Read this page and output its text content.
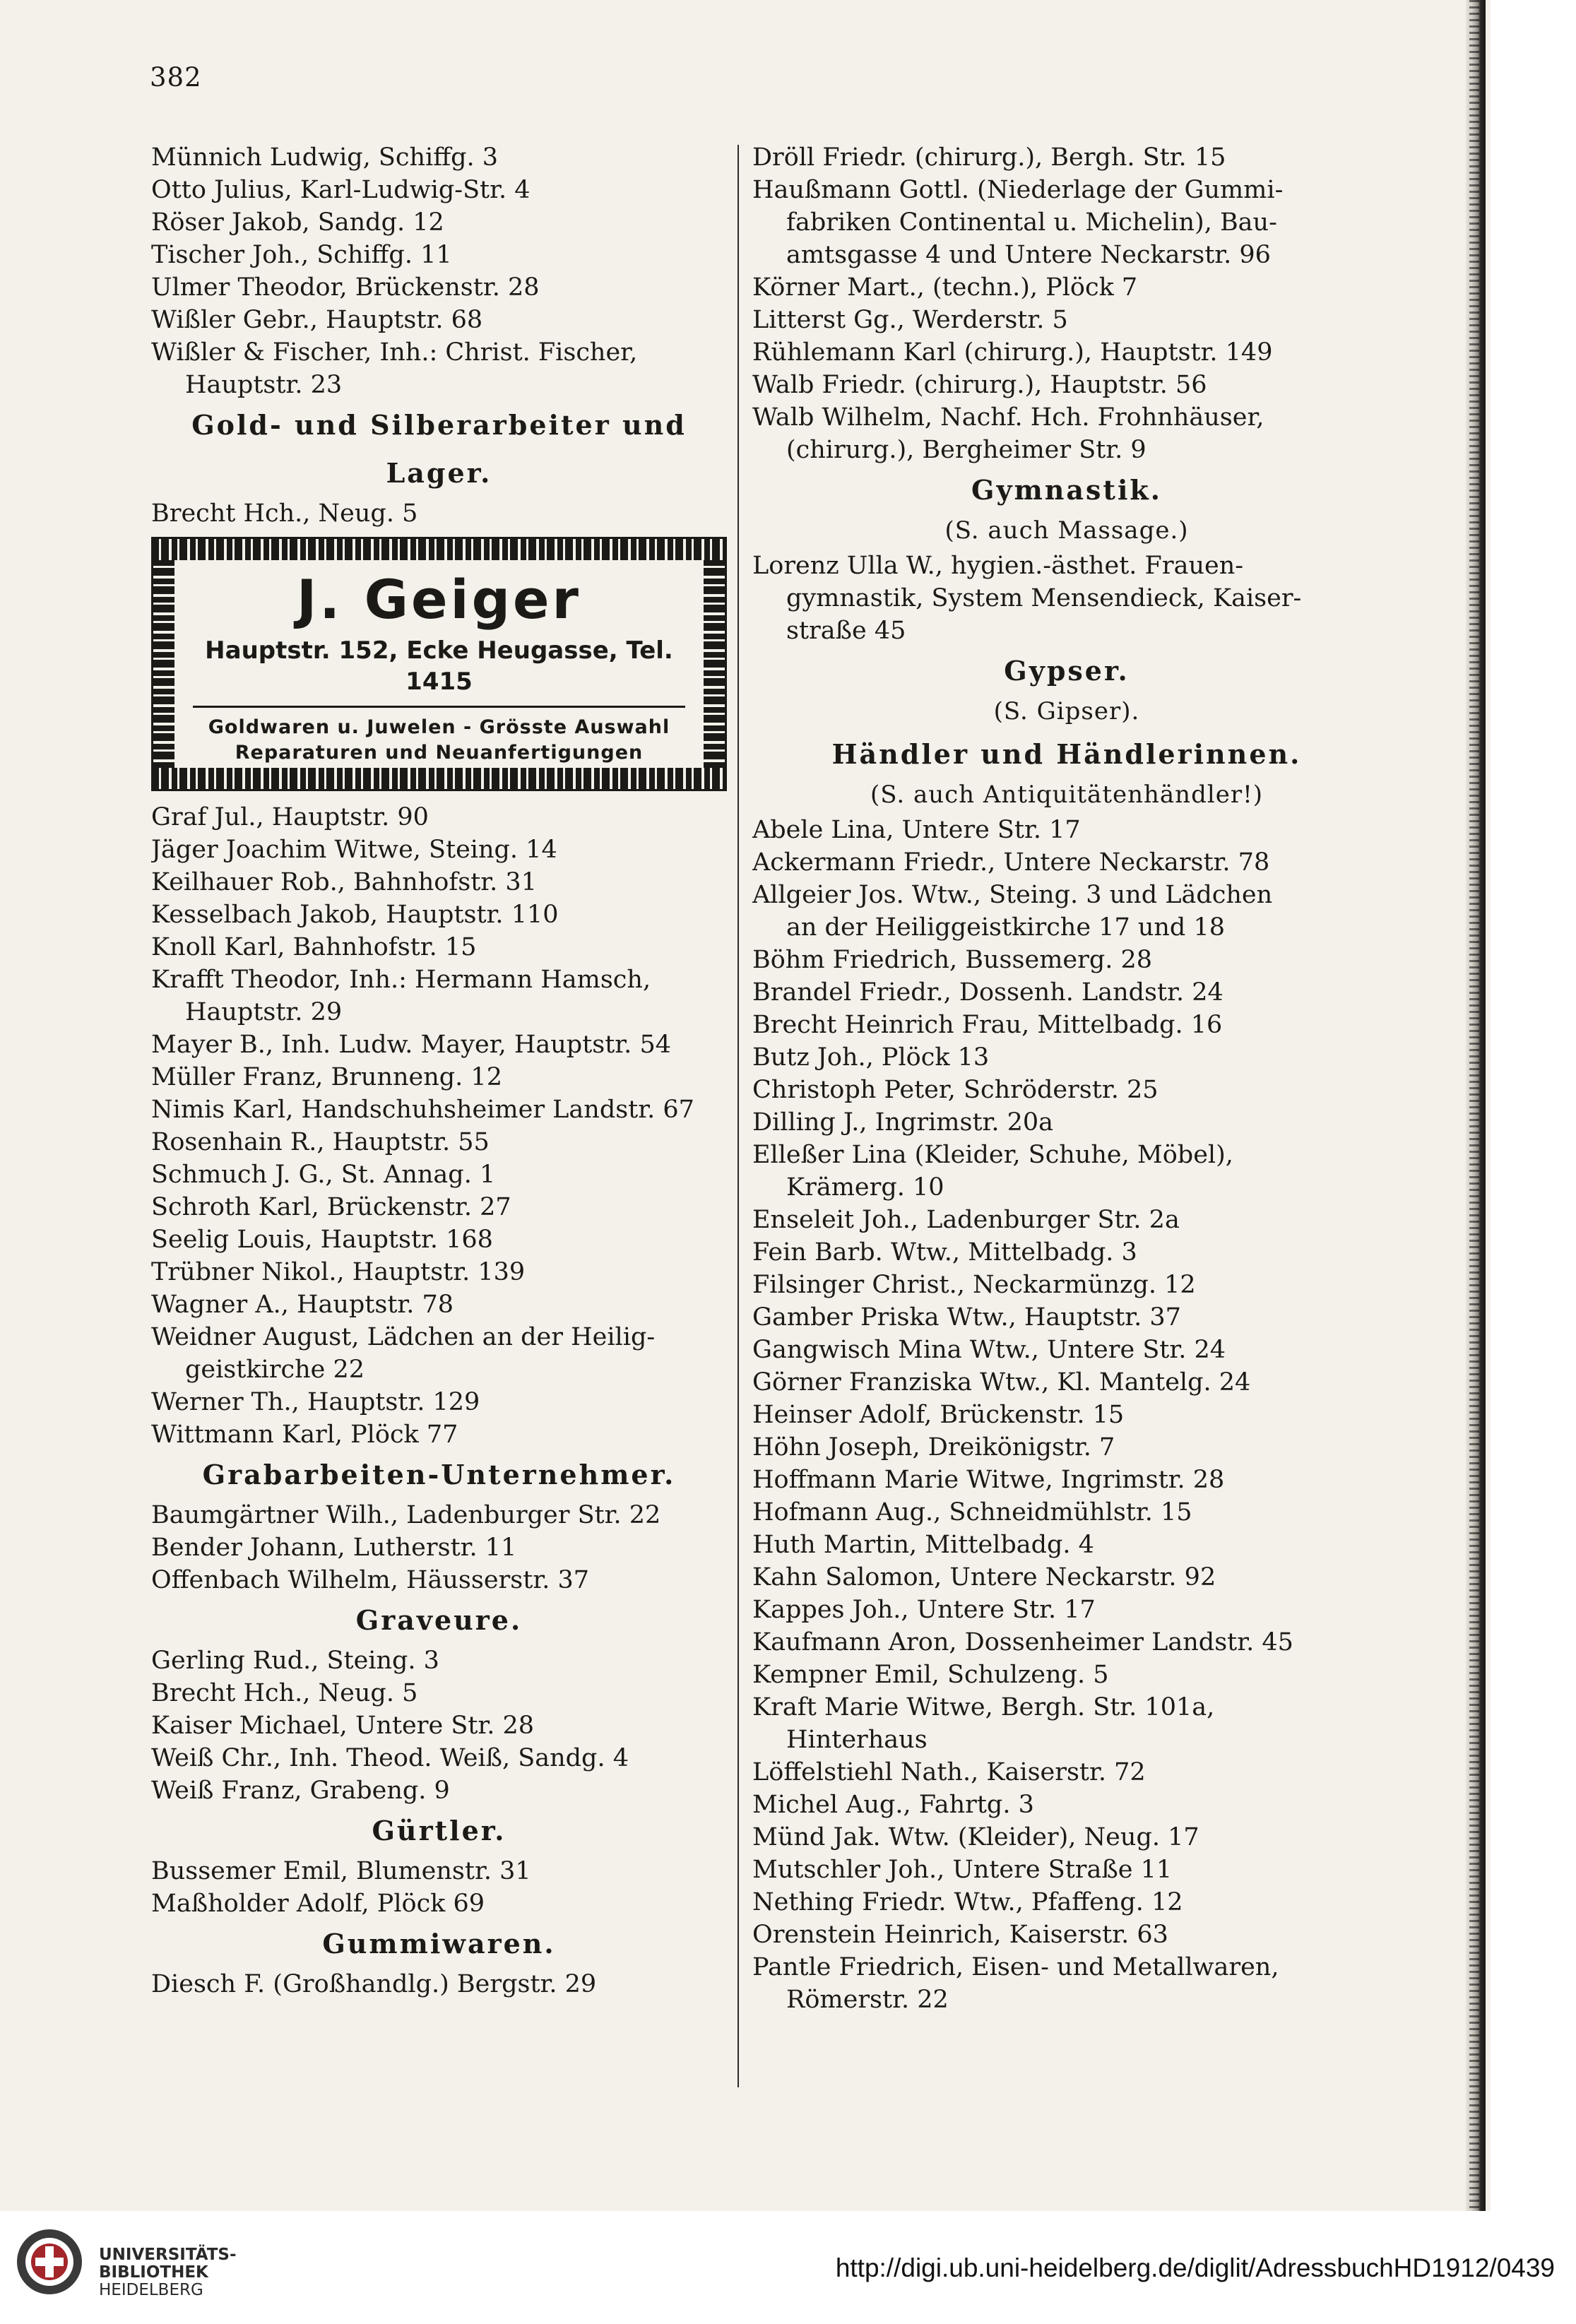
382
Münnich Ludwig, Schiffg. 3
Otto Julius, Karl-Ludwig-Str. 4
Röser Jakob, Sandg. 12
Tischer Joh., Schiffg. 11
Ulmer Theodor, Brückenstr. 28
Wißler Gebr., Hauptstr. 68
Wißler & Fischer, Inh.: Christ. Fischer,
Hauptstr. 23
Gold- und Silberarbeiter und
Lager.
Brecht Hch., Neug. 5
J. Geiger
Hauptstr. 152, Ecke Heugasse, Tel. 1415
Goldwaren u. Juwelen - Grösste Auswahl
Reparaturen und Neuanfertigungen
Graf Jul., Hauptstr. 90
Jäger Joachim Witwe, Steing. 14
Keilhauer Rob., Bahnhofstr. 31
Kesselbach Jakob, Hauptstr. 110
Knoll Karl, Bahnhofstr. 15
Krafft Theodor, Inh.: Hermann Hamsch,
Hauptstr. 29
Mayer B., Inh. Ludw. Mayer, Hauptstr. 54
Müller Franz, Brunneng. 12
Nimis Karl, Handschuhsheimer Landstr. 67
Rosenhain R., Hauptstr. 55
Schmuch J. G., St. Annag. 1
Schroth Karl, Brückenstr. 27
Seelig Louis, Hauptstr. 168
Trübner Nikol., Hauptstr. 139
Wagner A., Hauptstr. 78
Weidner August, Lädchen an der Heilig-
geistkirche 22
Werner Th., Hauptstr. 129
Wittmann Karl, Plöck 77
Grabarbeiten-Unternehmer.
Baumgärtner Wilh., Ladenburger Str. 22
Bender Johann, Lutherstr. 11
Offenbach Wilhelm, Häusserstr. 37
Graveure.
Gerling Rud., Steing. 3
Brecht Hch., Neug. 5
Kaiser Michael, Untere Str. 28
Weiß Chr., Inh. Theod. Weiß, Sandg. 4
Weiß Franz, Grabeng. 9
Gürtler.
Bussemer Emil, Blumenstr. 31
Maßholder Adolf, Plöck 69
Gummiwaren.
Diesch F. (Großhandlg.) Bergstr. 29
Dröll Friedr. (chirurg.), Bergh. Str. 15
Haußmann Gottl. (Niederlage der Gummi-
fabriken Continental u. Michelin), Bau-
amtsgasse 4 und Untere Neckarstr. 96
Körner Mart., (techn.), Plöck 7
Litterst Gg., Werderstr. 5
Rühlemann Karl (chirurg.), Hauptstr. 149
Walb Friedr. (chirurg.), Hauptstr. 56
Walb Wilhelm, Nachf. Hch. Frohnhäuser,
(chirurg.), Bergheimer Str. 9
Gymnastik.
(S. auch Massage.)
Lorenz Ulla W., hygien.-ästhet. Frauen-
gymnastik, System Mensendieck, Kaiser-
straße 45
Gypser.
(S. Gipser).
Händler und Händlerinnen.
(S. auch Antiquitätenhändler!)
Abele Lina, Untere Str. 17
Ackermann Friedr., Untere Neckarstr. 78
Allgeier Jos. Wtw., Steing. 3 und Lädchen
an der Heiliggeistkirche 17 und 18
Böhm Friedrich, Bussemerg. 28
Brandel Friedr., Dossenh. Landstr. 24
Brecht Heinrich Frau, Mittelbadg. 16
Butz Joh., Plöck 13
Christoph Peter, Schröderstr. 25
Dilling J., Ingrimstr. 20a
Elleßer Lina (Kleider, Schuhe, Möbel),
Krämerg. 10
Enseleit Joh., Ladenburger Str. 2a
Fein Barb. Wtw., Mittelbadg. 3
Filsinger Christ., Neckarmünzg. 12
Gamber Priska Wtw., Hauptstr. 37
Gangwisch Mina Wtw., Untere Str. 24
Görner Franziska Wtw., Kl. Mantelg. 24
Heinser Adolf, Brückenstr. 15
Höhn Joseph, Dreikönigstr. 7
Hoffmann Marie Witwe, Ingrimstr. 28
Hofmann Aug., Schneidmühlstr. 15
Huth Martin, Mittelbadg. 4
Kahn Salomon, Untere Neckarstr. 92
Kappes Joh., Untere Str. 17
Kaufmann Aron, Dossenheimer Landstr. 45
Kempner Emil, Schulzeng. 5
Kraft Marie Witwe, Bergh. Str. 101a,
Hinterhaus
Löffelstiehl Nath., Kaiserstr. 72
Michel Aug., Fahrtg. 3
Münd Jak. Wtw. (Kleider), Neug. 17
Mutschler Joh., Untere Straße 11
Nething Friedr. Wtw., Pfaffeng. 12
Orenstein Heinrich, Kaiserstr. 63
Pantle Friedrich, Eisen- und Metallwaren,
Römerstr. 22
UNIVERSITÄTS-
BIBLIOTHEK
HEIDELBERG
http://digi.ub.uni-heidelberg.de/diglit/AdressbuchHD1912/0439
